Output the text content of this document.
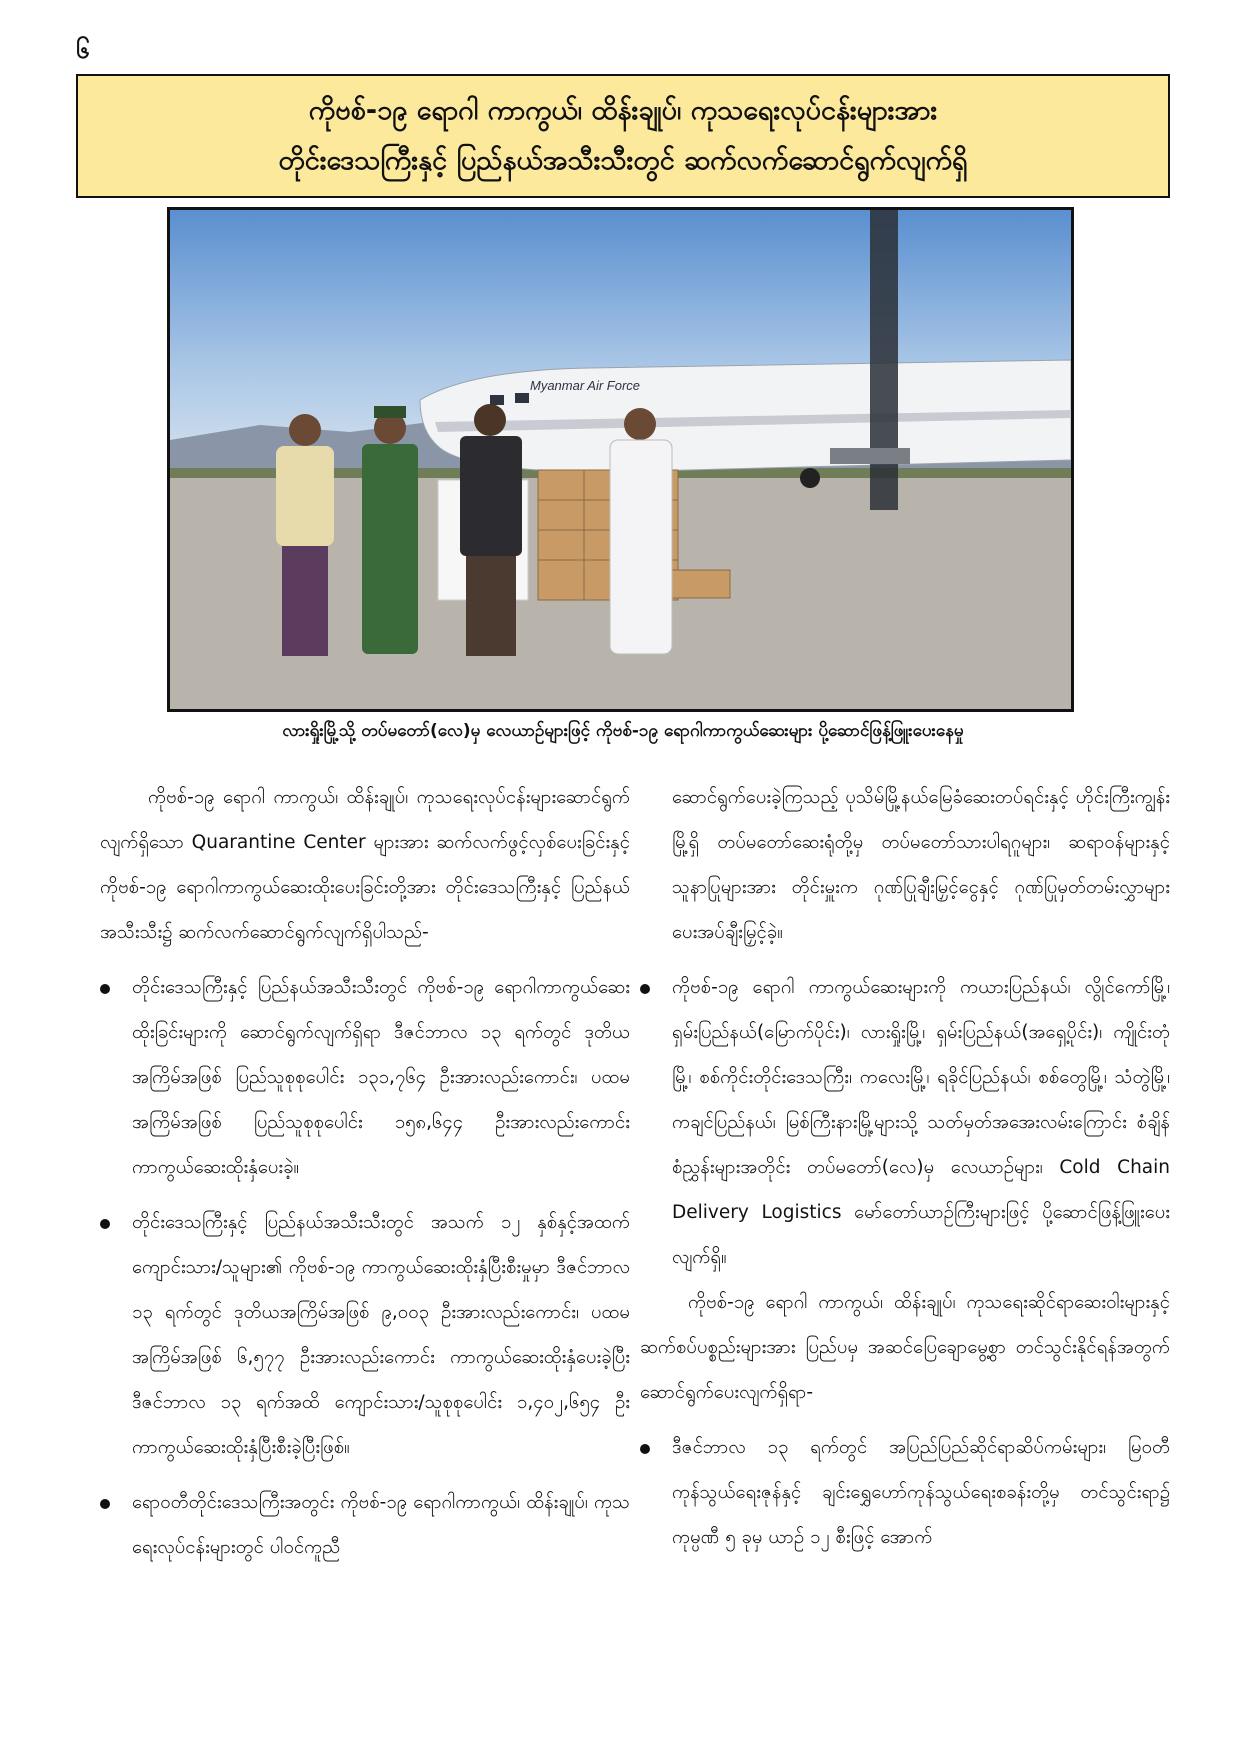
၆
ကိုဗစ်-၁၉ ရောဂါ ကာကွယ်၊ ထိန်းချုပ်၊ ကုသရေးလုပ်ငန်းများအား
တိုင်းဒေသကြီးနှင့် ပြည်နယ်အသီးသီးတွင် ဆက်လက်ဆောင်ရွက်လျက်ရှိ
Myanmar Air Force
လားရှိုးမြို့သို့ တပ်မတော်(လေ)မှ လေယာဉ်များဖြင့် ကိုဗစ်-၁၉ ရောဂါကာကွယ်ဆေးများ ပို့ဆောင်ဖြန့်ဖြူးပေးနေမှု

ကိုဗစ်-၁၉ ရောဂါ ကာကွယ်၊ ထိန်းချုပ်၊ ကုသရေးလုပ်ငန်းများဆောင်ရွက်လျက်ရှိသော Quarantine Center များအား ဆက်လက်ဖွင့်လှစ်ပေးခြင်းနှင့် ကိုဗစ်-၁၉ ရောဂါကာကွယ်ဆေးထိုးပေးခြင်းတို့အား တိုင်းဒေသကြီးနှင့် ပြည်နယ်အသီးသီး၌ ဆက်လက်ဆောင်ရွက်လျက်ရှိပါသည်-

တိုင်းဒေသကြီးနှင့် ပြည်နယ်အသီးသီးတွင် ကိုဗစ်-၁၉ ရောဂါကာကွယ်ဆေးထိုးခြင်းများကို ဆောင်ရွက်လျက်ရှိရာ ဒီဇင်ဘာလ ၁၃ ရက်တွင် ဒုတိယအကြိမ်အဖြစ် ပြည်သူစုစုပေါင်း ၁၃၁,၇၆၄ ဦးအားလည်းကောင်း၊ ပထမအကြိမ်အဖြစ် ပြည်သူစုစုပေါင်း ၁၅၈,၆၄၄ ဦးအားလည်းကောင်း ကာကွယ်ဆေးထိုးနှံပေးခဲ့။
တိုင်းဒေသကြီးနှင့် ပြည်နယ်အသီးသီးတွင် အသက် ၁၂ နှစ်နှင့်အထက် ကျောင်းသား/သူများ၏ ကိုဗစ်-၁၉ ကာကွယ်ဆေးထိုးနှံပြီးစီးမှုမှာ ဒီဇင်ဘာလ ၁၃ ရက်တွင် ဒုတိယအကြိမ်အဖြစ် ၉,၀၀၃ ဦးအားလည်းကောင်း၊ ပထမအကြိမ်အဖြစ် ၆,၅၇၇ ဦးအားလည်းကောင်း ကာကွယ်ဆေးထိုးနှံပေးခဲ့ပြီး ဒီဇင်ဘာလ ၁၃ ရက်အထိ ကျောင်းသား/သူစုစုပေါင်း ၁,၄၀၂,၆၅၄ ဦး ကာကွယ်ဆေးထိုးနှံပြီးစီးခဲ့ပြီးဖြစ်။
ရောဝတီတိုင်းဒေသကြီးအတွင်း ကိုဗစ်-၁၉ ရောဂါကာကွယ်၊ ထိန်းချုပ်၊ ကုသရေးလုပ်ငန်းများတွင် ပါဝင်ကူညီ

ဆောင်ရွက်ပေးခဲ့ကြသည့် ပုသိမ်မြို့နယ်မြေခံဆေးတပ်ရင်းနှင့် ဟိုင်းကြီးကျွန်းမြို့ရှိ တပ်မတော်ဆေးရုံတို့မှ တပ်မတော်သားပါရဂူများ၊ ဆရာဝန်များနှင့် သူနာပြုများအား တိုင်းမှူးက ဂုဏ်ပြုချီးမြှင့်ငွေနှင့် ဂုဏ်ပြုမှတ်တမ်းလွှာများ ပေးအပ်ချီးမြှင့်ခဲ့။

ကိုဗစ်-၁၉ ရောဂါ ကာကွယ်ဆေးများကို ကယားပြည်နယ်၊ လွိုင်ကော်မြို့၊ ရှမ်းပြည်နယ်(မြောက်ပိုင်း)၊ လားရှိုးမြို့၊ ရှမ်းပြည်နယ်(အရှေ့ပိုင်း)၊ ကျိုင်းတုံမြို့၊ စစ်ကိုင်းတိုင်းဒေသကြီး၊ ကလေးမြို့၊ ရခိုင်ပြည်နယ်၊ စစ်တွေမြို့၊ သံတွဲမြို့၊ ကချင်ပြည်နယ်၊ မြစ်ကြီးနားမြို့များသို့ သတ်မှတ်အအေးလမ်းကြောင်း စံချိန်စံညွှန်းများအတိုင်း တပ်မတော်(လေ)မှ လေယာဉ်များ၊ Cold Chain Delivery Logistics မော်တော်ယာဉ်ကြီးများဖြင့် ပို့ဆောင်ဖြန့်ဖြူးပေးလျက်ရှိ။

ကိုဗစ်-၁၉ ရောဂါ ကာကွယ်၊ ထိန်းချုပ်၊ ကုသရေးဆိုင်ရာဆေးဝါးများနှင့် ဆက်စပ်ပစ္စည်းများအား ပြည်ပမှ အဆင်ပြေချောမွေ့စွာ တင်သွင်းနိုင်ရန်အတွက် ဆောင်ရွက်ပေးလျက်ရှိရာ-

ဒီဇင်ဘာလ ၁၃ ရက်တွင် အပြည်ပြည်ဆိုင်ရာဆိပ်ကမ်းများ၊ မြဝတီကုန်သွယ်ရေးဇုန်နှင့် ချင်းရွှေဟော်ကုန်သွယ်ရေးစခန်းတို့မှ တင်သွင်းရာ၌ ကုမ္ပဏီ ၅ ခုမှ ယာဉ် ၁၂ စီးဖြင့် အောက်
